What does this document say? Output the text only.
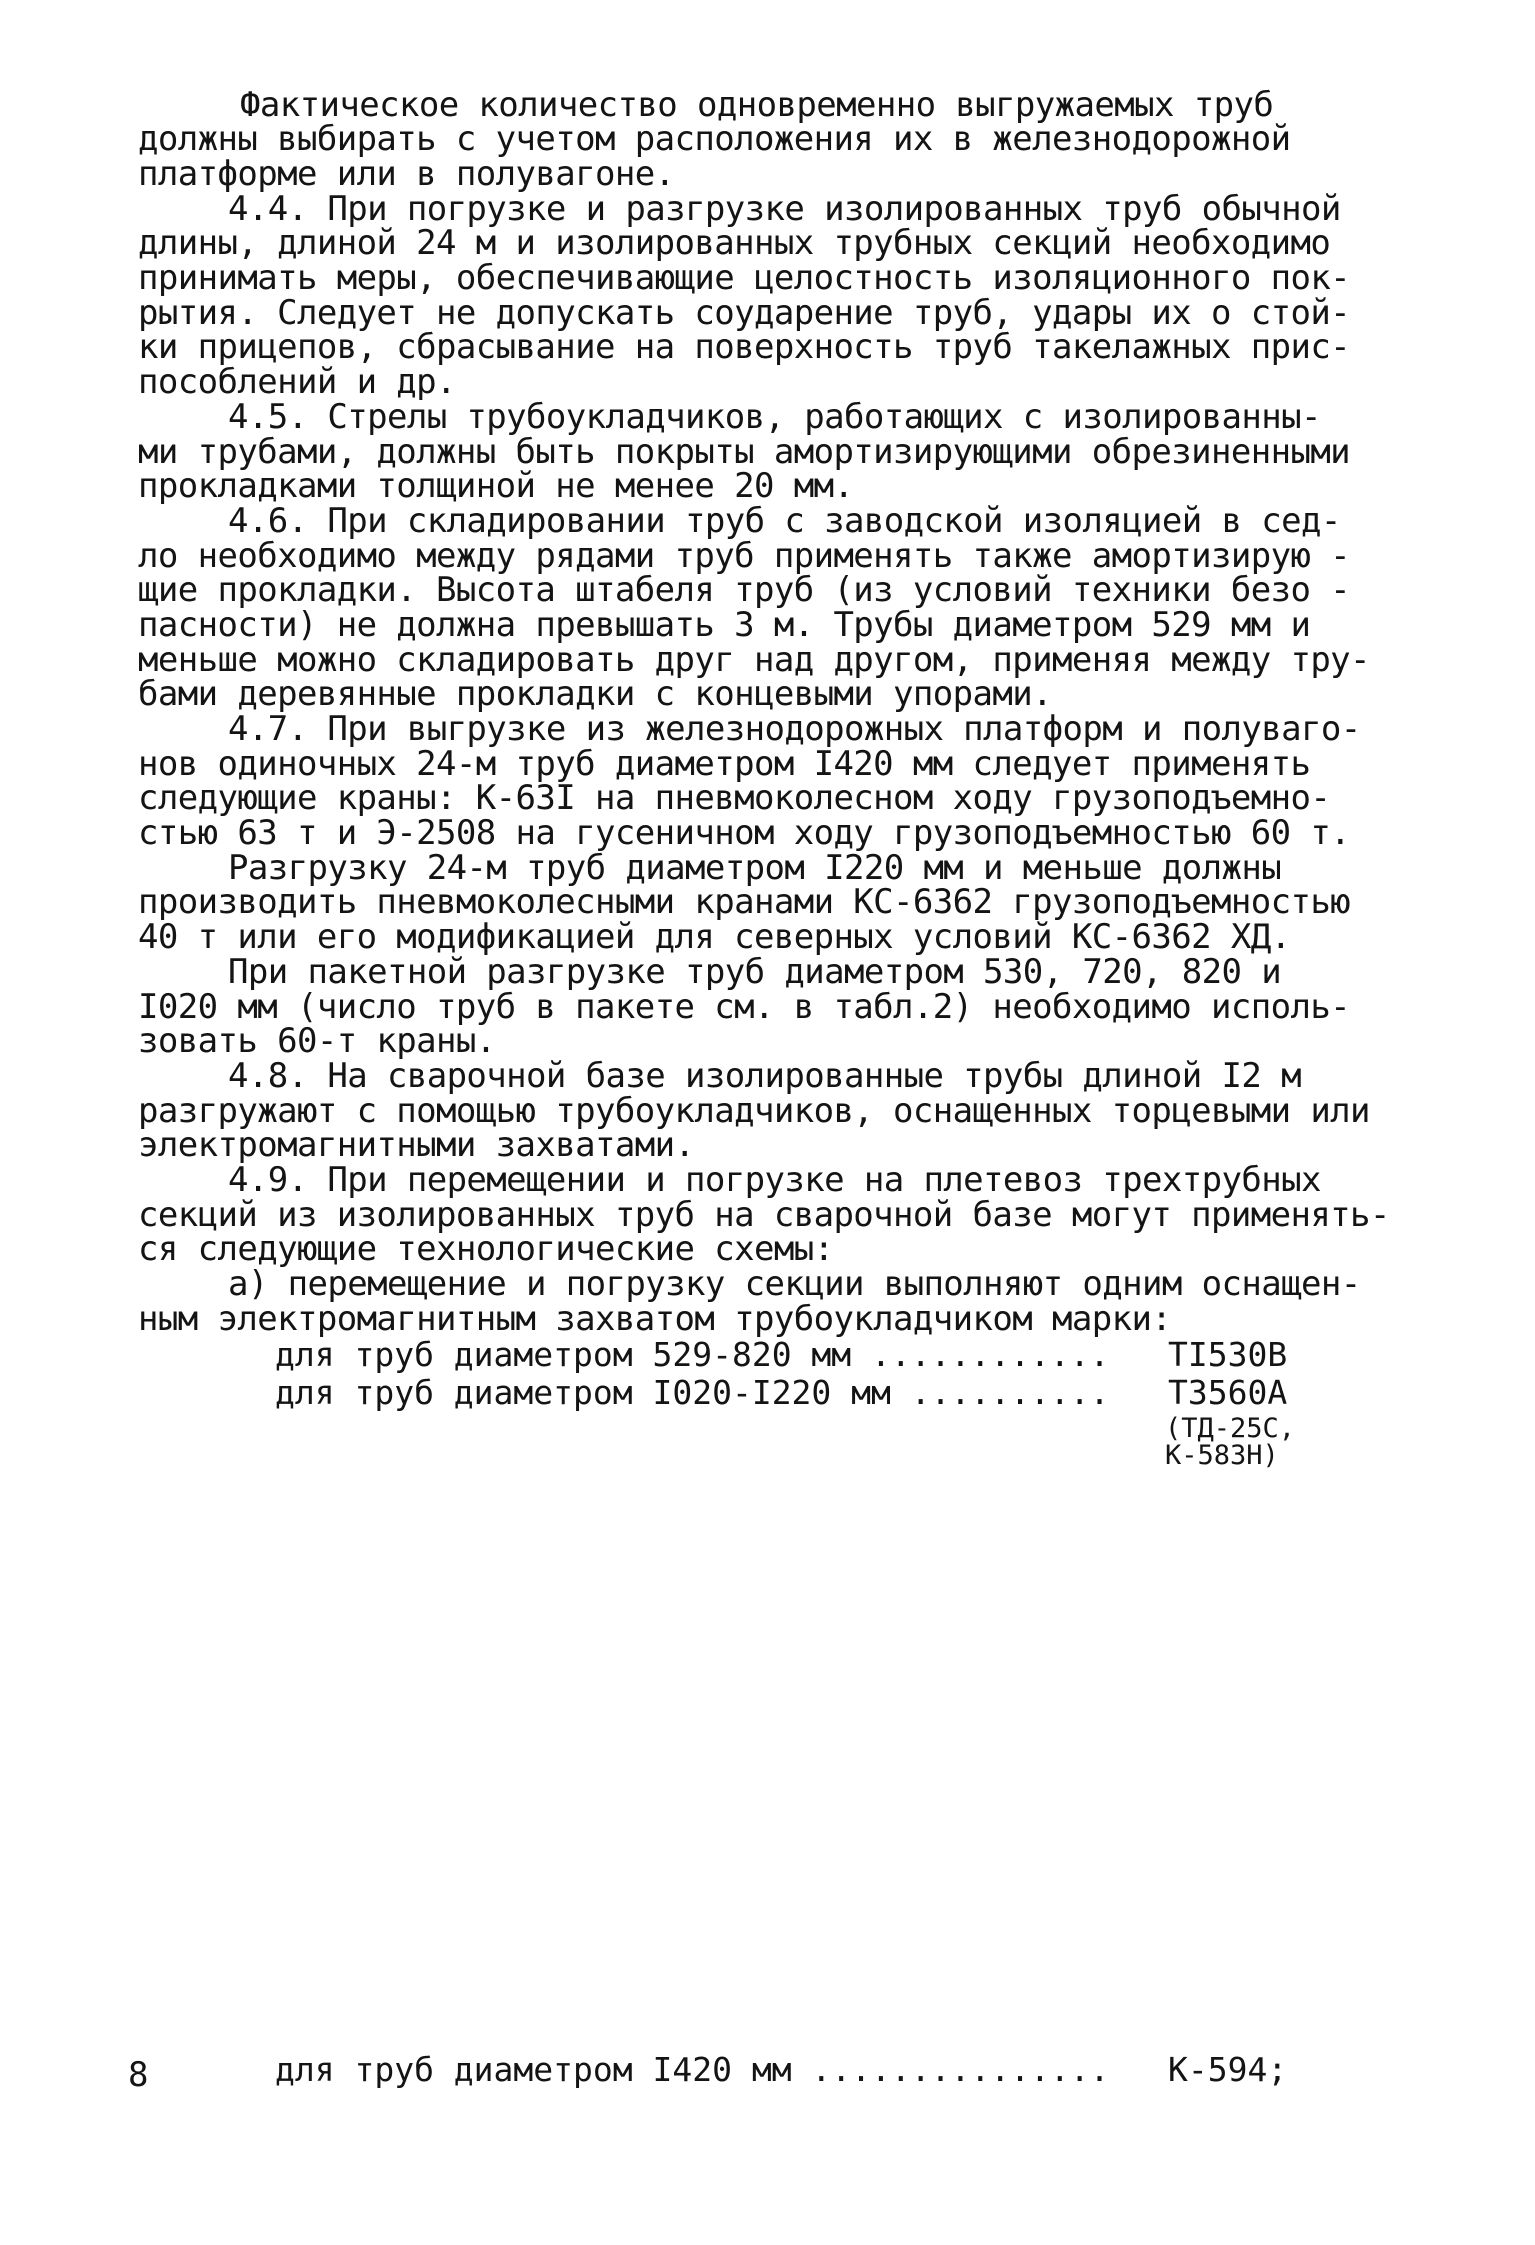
Фактическое количество одновременно выгружаемых труб
должны выбирать с учетом расположения их в железнодорожной
платформе или в полувагоне.
4.4. При погрузке и разгрузке изолированных труб обычной
длины, длиной 24 м и изолированных трубных секций необходимо
принимать меры, обеспечивающие целостность изоляционного пок-
рытия. Следует не допускать соударение труб, удары их о стой-
ки прицепов, сбрасывание на поверхность труб такелажных прис-
пособлений и др.
4.5. Стрелы трубоукладчиков, работающих с изолированны-
ми трубами, должны быть покрыты амортизирующими обрезиненными
прокладками толщиной не менее 20 мм.
4.6. При складировании труб с заводской изоляцией в сед-
ло необходимо между рядами труб применять также амортизирую -
щие прокладки. Высота штабеля труб (из условий техники безо -
пасности) не должна превышать 3 м. Трубы диаметром 529 мм и
меньше можно складировать друг над другом, применяя между тру-
бами деревянные прокладки с концевыми упорами.
4.7. При выгрузке из железнодорожных платформ и полуваго-
нов одиночных 24-м труб диаметром I420 мм следует применять
следующие краны: К-63I на пневмоколесном ходу грузоподъемно-
стью 63 т и Э-2508 на гусеничном ходу грузоподъемностью 60 т.
Разгрузку 24-м труб диаметром I220 мм и меньше должны
производить пневмоколесными кранами КС-6362 грузоподъемностью
40 т или его модификацией для северных условий КС-6362 ХД.
При пакетной разгрузке труб диаметром 530, 720, 820 и
I020 мм (число труб в пакете см. в табл.2) необходимо исполь-
зовать 60-т краны.
4.8. На сварочной базе изолированные трубы длиной I2 м
разгружают с помощью трубоукладчиков, оснащенных торцевыми или
электромагнитными захватами.
4.9. При перемещении и погрузке на плетевоз трехтрубных
секций из изолированных труб на сварочной базе могут применять-
ся следующие технологические схемы:
а) перемещение и погрузку секции выполняют одним оснащен-
ным электромагнитным захватом трубоукладчиком марки:
для труб диаметром 529-820 мм ............ TI530B
для труб диаметром I020-I220 мм .......... T3560A
(ТД-25С,
К-583Н)
для труб диаметром I420 мм ............... К-594;
8
